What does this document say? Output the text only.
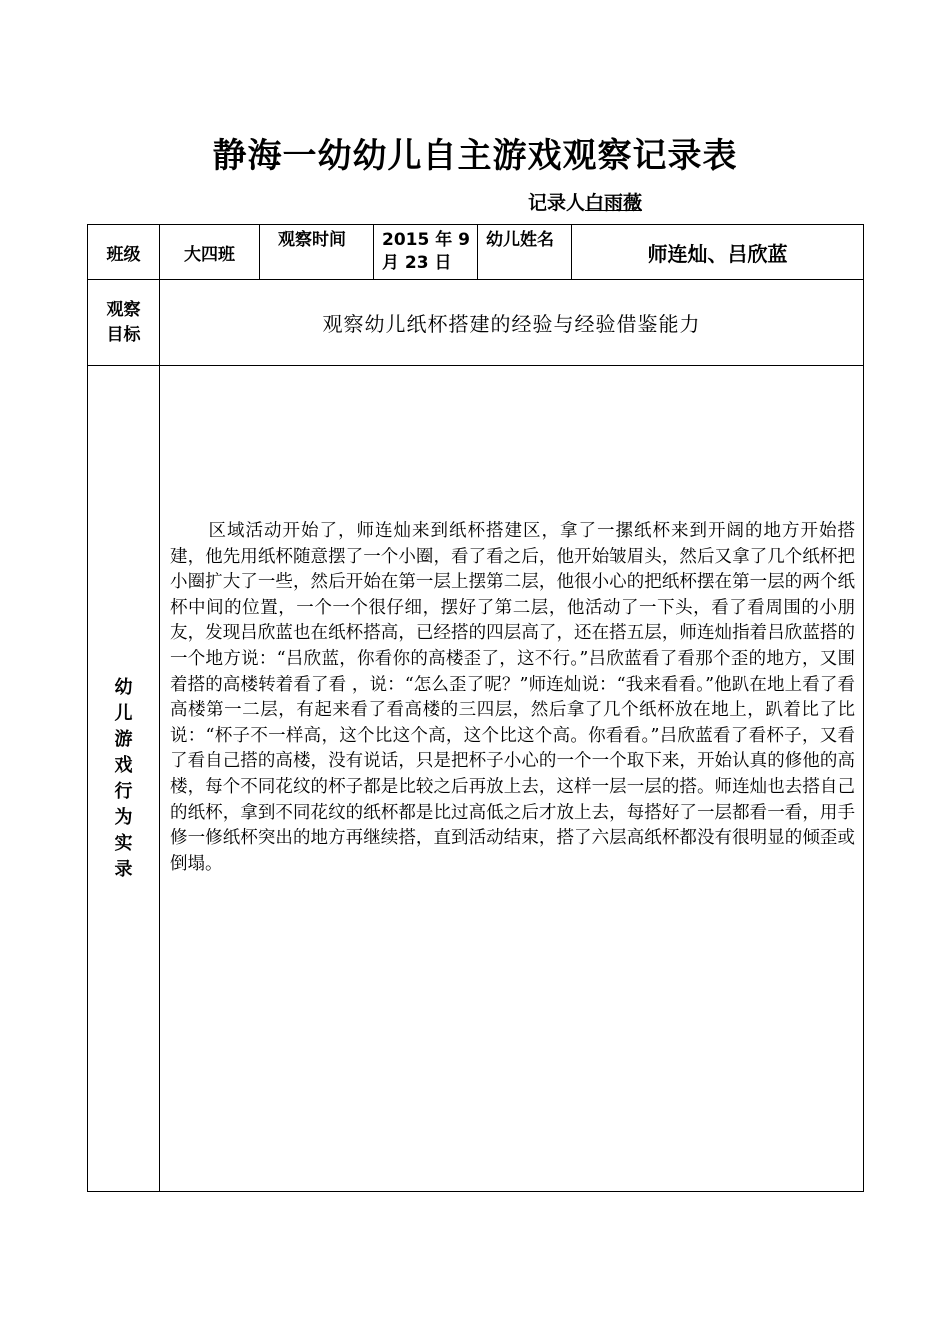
静海一幼幼儿自主游戏观察记录表
记录人白雨薇
班级	大四班	观察时间	2015 年 9 月 23 日	幼儿姓名	师连灿、吕欣蓝

观察目标	观察幼儿纸杯搭建的经验与经验借鉴能力				

幼儿游戏行为实录	区域活动开始了，师连灿来到纸杯搭建区，拿了一摞纸杯来到开阔的地方开始搭建，他先用纸杯随意摆了一个小圈，看了看之后，他开始皱眉头，然后又拿了几个纸杯把小圈扩大了一些，然后开始在第一层上摆第二层，他很小心的把纸杯摆在第一层的两个纸杯中间的位置，一个一个很仔细，摆好了第二层，他活动了一下头，看了看周围的小朋友，发现吕欣蓝也在纸杯搭高，已经搭的四层高了，还在搭五层，师连灿指着吕欣蓝搭的一个地方说：“吕欣蓝，你看你的高楼歪了，这不行。”吕欣蓝看了看那个歪的地方，又围着搭的高楼转着看了看 ，说：“怎么歪了呢？”师连灿说：“我来看看。”他趴在地上看了看高楼第一二层，有起来看了看高楼的三四层，然后拿了几个纸杯放在地上，趴着比了比说：“杯子不一样高，这个比这个高，这个比这个高。你看看。”吕欣蓝看了看杯子，又看了看自己搭的高楼，没有说话，只是把杯子小心的一个一个取下来，开始认真的修他的高楼，每个不同花纹的杯子都是比较之后再放上去，这样一层一层的搭。师连灿也去搭自己的纸杯，拿到不同花纹的纸杯都是比过高低之后才放上去，每搭好了一层都看一看，用手修一修纸杯突出的地方再继续搭，直到活动结束，搭了六层高纸杯都没有很明显的倾歪或倒塌。				
